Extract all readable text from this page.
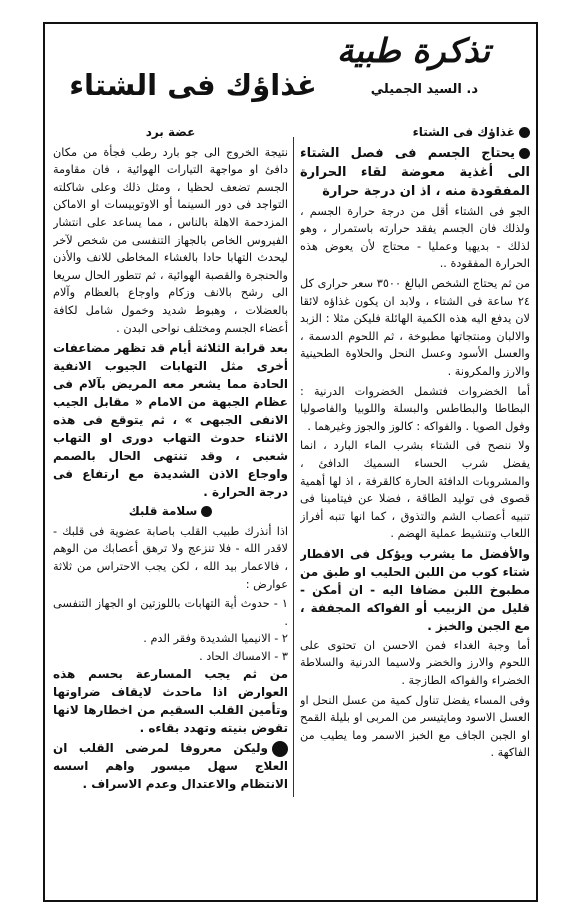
تذكرة طبية
د. السيد الجميلي
غذاؤك فى الشتاء
غذاؤك فى الشتاء

يحتاج الجسم فى فصل الشتاء الى أغذية معوضة لقاء الحرارة المفقودة منه ، اذ ان درجة حرارة

الجو فى الشتاء أقل من درجة حرارة الجسم ، ولذلك فان الجسم يفقد حرارته باستمرار ، وهو لذلك - بديهيا وعمليا - محتاج لأن يعوض هذه الحرارة المفقودة ..

من ثم يحتاج الشخص البالغ ٣٥٠٠ سعر حرارى كل ٢٤ ساعة فى الشتاء ، ولابد ان يكون غذاؤه لائقا لان يدفع اليه هذه الكمية الهائلة فليكن مثلا : الزبد والالبان ومنتجاتها مطبوخة ، ثم اللحوم الدسمة ، والعسل الأسود وعسل النحل والحلاوة الطحينية والارز والمكرونة .

أما الخضروات فتشمل الخضروات الدرنية : البطاطا والبطاطس والبسلة واللوبيا والفاصوليا وفول الصويا . والفواكه : كالوز والجوز وغيرهما .

ولا ننصح فى الشتاء بشرب الماء البارد ، انما يفضل شرب الحساء السميك الدافئ ، والمشروبات الدافئة الحارة كالقرفة ، اذ لها أهمية قصوى فى توليد الطاقة ، فضلا عن فيتامينا فى تنبيه أعصاب الشم والتذوق ، كما انها تنبه أفراز اللعاب وتنشيط عملية الهضم .

والأفضل ما يشرب ويؤكل فى الافطار شتاء كوب من اللبن الحليب او طبق من مطبوخ اللبن مضافا اليه - ان أمكن - قليل من الزبيب أو الفواكه المجففة ، مع الجبن والخبز .

أما وجبة الغداء فمن الاحسن ان تحتوى على اللحوم والارز والخضر ولاسيما الدرنية والسلاطة الخضراء والفواكه الطازجة .

وفى المساء يفضل تناول كمية من عسل النحل او العسل الاسود ومايتيسر من المربى او بليلة القمح او الجبن الجاف مع الخبز الاسمر وما يطيب من الفاكهة .

عضة برد

نتيجة الخروج الى جو بارد رطب فجأة من مكان دافئ او مواجهة التيارات الهوائية ، فان مقاومة الجسم تضعف لحظيا ، ومثل ذلك وعلى شاكلته التواجد فى دور السينما أو الاوتوبيسات او الاماكن المزدحمة الاهلة بالناس ، مما يساعد على انتشار الفيروس الخاص بالجهاز التنفسى من شخص لآخر ليحدث التهابا حادا بالغشاء المخاطى للانف والأذن والحنجرة والقصبة الهوائية ، ثم تتطور الحال سريعا الى رشح بالانف وزكام واوجاع بالعظام وآلام بالعضلات ، وهبوط شديد وخمول شامل لكافة أعضاء الجسم ومختلف نواحى البدن .

بعد قرابة الثلاثة أيام قد تظهر مضاعفات أخرى مثل التهابات الجيوب الانفية الحادة مما يشعر معه المريض بآلام فى عظام الجبهة من الامام « مقابل الجيب الانفى الجبهى » ، ثم يتوقع فى هذه الاثناء حدوث التهاب دورى او التهاب شعبى ، وقد تنتهى الحال بالصمم واوجاع الاذن الشديدة مع ارتفاع فى درجة الحرارة .

سلامة قلبك

اذا أنذرك طبيب القلب باصابة عضوية فى قلبك - لاقدر الله - فلا تنزعج ولا ترهق أعصابك من الوهم ، فالاعمار بيد الله ، لكن يجب الاحتراس من ثلاثة عوارض :

١ - حدوث أية التهابات باللوزتين او الجهاز التنفسى .

٢ - الانيميا الشديدة وفقر الدم .

٣ - الامساك الحاد .

من ثم يجب المسارعة بحسم هذه العوارض اذا ماحدث لايقاف ضراوتها وتأمين القلب السقيم من اخطارها لانها تقوض بنيته وتهدد بقاءه .

وليكن معروفا لمرضى القلب ان العلاج سهل ميسور واهم اسسه الانتظام والاعتدال وعدم الاسراف .
